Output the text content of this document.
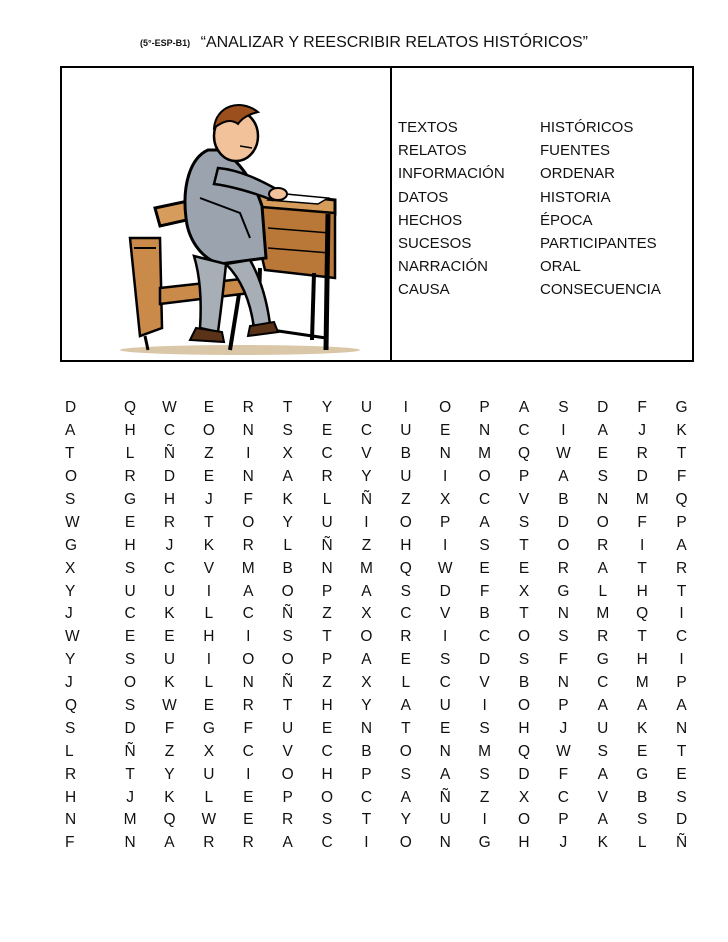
(5°-ESP-B1) “ANALIZAR Y REESCRIBIR RELATOS HISTÓRICOS”
TEXTOS	HISTÓRICOS
RELATOS	FUENTES
INFORMACIÓN	ORDENAR
DATOS	HISTORIA
HECHOS	ÉPOCA
SUCESOS	PARTICIPANTES
NARRACIÓN	ORAL
CAUSA	CONSECUENCIA
D	Q	W	E	R	T	Y	U	I	O	P	A	S	D	F	G
A	H	C	O	N	S	E	C	U	E	N	C	I	A	J	K
T	L	Ñ	Z	I	X	C	V	B	N	M	Q	W	E	R	T
O	R	D	E	N	A	R	Y	U	I	O	P	A	S	D	F
S	G	H	J	F	K	L	Ñ	Z	X	C	V	B	N	M	Q
W	E	R	T	O	Y	U	I	O	P	A	S	D	O	F	P
G	H	J	K	R	L	Ñ	Z	H	I	S	T	O	R	I	A
X	S	C	V	M	B	N	M	Q	W	E	E	R	A	T	R
Y	U	U	I	A	O	P	A	S	D	F	X	G	L	H	T
J	C	K	L	C	Ñ	Z	X	C	V	B	T	N	M	Q	I
W	E	E	H	I	S	T	O	R	I	C	O	S	R	T	C
Y	S	U	I	O	O	P	A	E	S	D	S	F	G	H	I
J	O	K	L	N	Ñ	Z	X	L	C	V	B	N	C	M	P
Q	S	W	E	R	T	H	Y	A	U	I	O	P	A	A	A
S	D	F	G	F	U	E	N	T	E	S	H	J	U	K	N
L	Ñ	Z	X	C	V	C	B	O	N	M	Q	W	S	E	T
R	T	Y	U	I	O	H	P	S	A	S	D	F	A	G	E
H	J	K	L	E	P	O	C	A	Ñ	Z	X	C	V	B	S
N	M	Q	W	E	R	S	T	Y	U	I	O	P	A	S	D
F	N	A	R	R	A	C	I	O	N	G	H	J	K	L	Ñ
